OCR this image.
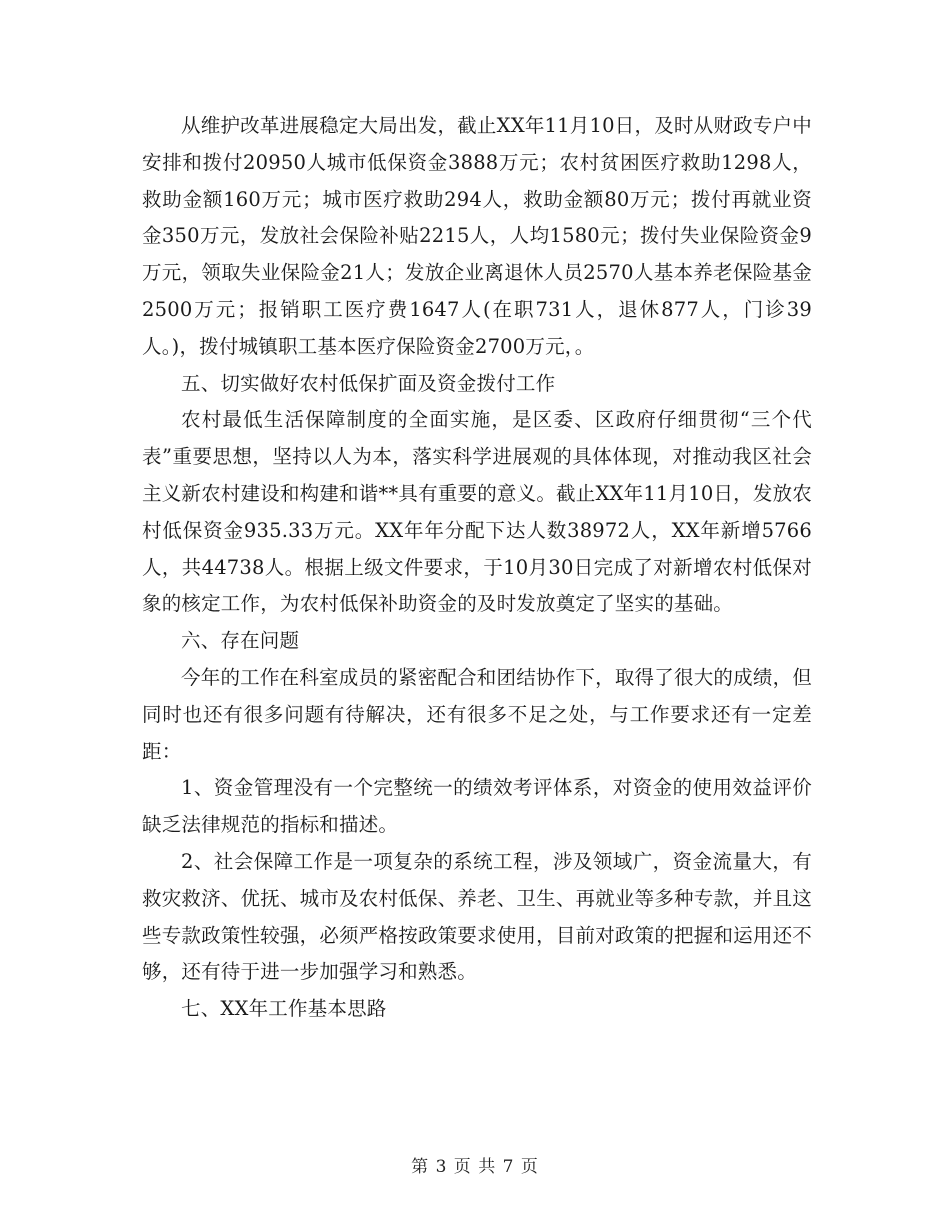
从维护改革进展稳定大局出发，截止XX年11月10日，及时从财政专户中安排和拨付20950人城市低保资金3888万元；农村贫困医疗救助1298人，救助金额160万元；城市医疗救助294人，救助金额80万元；拨付再就业资金350万元，发放社会保险补贴2215人，人均1580元；拨付失业保险资金9万元，领取失业保险金21人；发放企业离退休人员2570人基本养老保险基金2500万元；报销职工医疗费1647人(在职731人，退休877人，门诊39人。)，拨付城镇职工基本医疗保险资金2700万元，。

五、切实做好农村低保扩面及资金拨付工作

农村最低生活保障制度的全面实施，是区委、区政府仔细贯彻“三个代表”重要思想，坚持以人为本，落实科学进展观的具体体现，对推动我区社会主义新农村建设和构建和谐**具有重要的意义。截止XX年11月10日，发放农村低保资金935.33万元。XX年年分配下达人数38972人，XX年新增5766人，共44738人。根据上级文件要求，于10月30日完成了对新增农村低保对象的核定工作，为农村低保补助资金的及时发放奠定了坚实的基础。

六、存在问题

今年的工作在科室成员的紧密配合和团结协作下，取得了很大的成绩，但同时也还有很多问题有待解决，还有很多不足之处，与工作要求还有一定差距：

1、资金管理没有一个完整统一的绩效考评体系，对资金的使用效益评价缺乏法律规范的指标和描述。

2、社会保障工作是一项复杂的系统工程，涉及领域广，资金流量大，有救灾救济、优抚、城市及农村低保、养老、卫生、再就业等多种专款，并且这些专款政策性较强，必须严格按政策要求使用，目前对政策的把握和运用还不够，还有待于进一步加强学习和熟悉。

七、XX年工作基本思路

第 3 页 共 7 页
